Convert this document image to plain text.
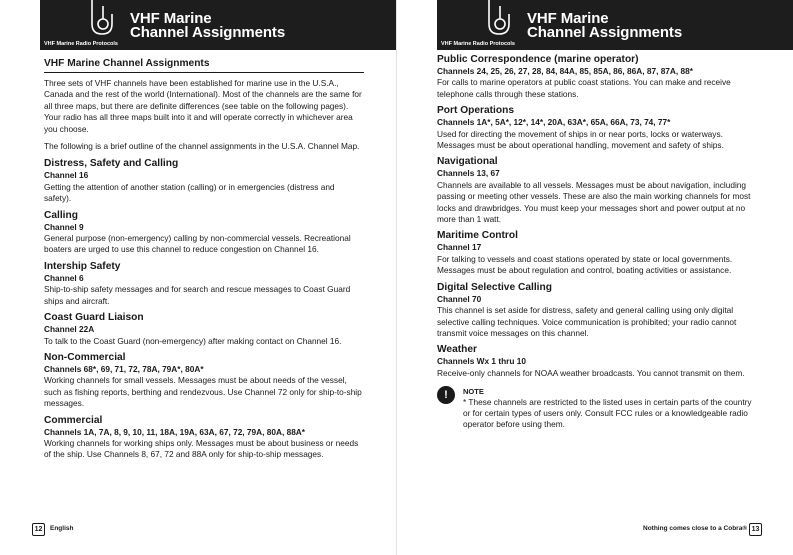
VHF Marine
Channel Assignments
VHF Marine Radio Protocols
VHF Marine Channel Assignments
Three sets of VHF channels have been established for marine use in the U.S.A., Canada and the rest of the world (International). Most of the channels are the same for all three maps, but there are definite differences (see table on the following pages). Your radio has all three maps built into it and will operate correctly in whichever area you choose.
The following is a brief outline of the channel assignments in the U.S.A. Channel Map.
Distress, Safety and Calling
Channel 16
Getting the attention of another station (calling) or in emergencies (distress and safety).
Calling
Channel 9
General purpose (non-emergency) calling by non-commercial vessels. Recreational boaters are urged to use this channel to reduce congestion on Channel 16.
Intership Safety
Channel 6
Ship-to-ship safety messages and for search and rescue messages to Coast Guard ships and aircraft.
Coast Guard Liaison
Channel 22A
To talk to the Coast Guard (non-emergency) after making contact on Channel 16.
Non-Commercial
Channels 68*, 69, 71, 72, 78A, 79A*, 80A*
Working channels for small vessels. Messages must be about needs of the vessel, such as fishing reports, berthing and rendezvous. Use Channel 72 only for ship-to-ship messages.
Commercial
Channels 1A, 7A, 8, 9, 10, 11, 18A, 19A, 63A, 67, 72, 79A, 80A, 88A*
Working channels for working ships only. Messages must be about business or needs of the ship. Use Channels 8, 67, 72 and 88A only for ship-to-ship messages.
12	English
VHF Marine
Channel Assignments
VHF Marine Radio Protocols
Public Correspondence (marine operator)
Channels 24, 25, 26, 27, 28, 84, 84A, 85, 85A, 86, 86A, 87, 87A, 88*
For calls to marine operators at public coast stations. You can make and receive telephone calls through these stations.
Port Operations
Channels 1A*, 5A*, 12*, 14*, 20A, 63A*, 65A, 66A, 73, 74, 77*
Used for directing the movement of ships in or near ports, locks or waterways. Messages must be about operational handling, movement and safety of ships.
Navigational
Channels 13, 67
Channels are available to all vessels. Messages must be about navigation, including passing or meeting other vessels. These are also the main working channels for most locks and drawbridges. You must keep your messages short and power output at no more than 1 watt.
Maritime Control
Channel 17
For talking to vessels and coast stations operated by state or local governments. Messages must be about regulation and control, boating activities or assistance.
Digital Selective Calling
Channel 70
This channel is set aside for distress, safety and general calling using only digital selective calling techniques. Voice communication is prohibited; your radio cannot transmit voice messages on this channel.
Weather
Channels Wx 1 thru 10
Receive-only channels for NOAA weather broadcasts. You cannot transmit on them.
!	NOTE
* These channels are restricted to the listed uses in certain parts of the country or for certain types of users only. Consult FCC rules or a knowledgeable radio operator before using them.
Nothing comes close to a Cobra® 13
